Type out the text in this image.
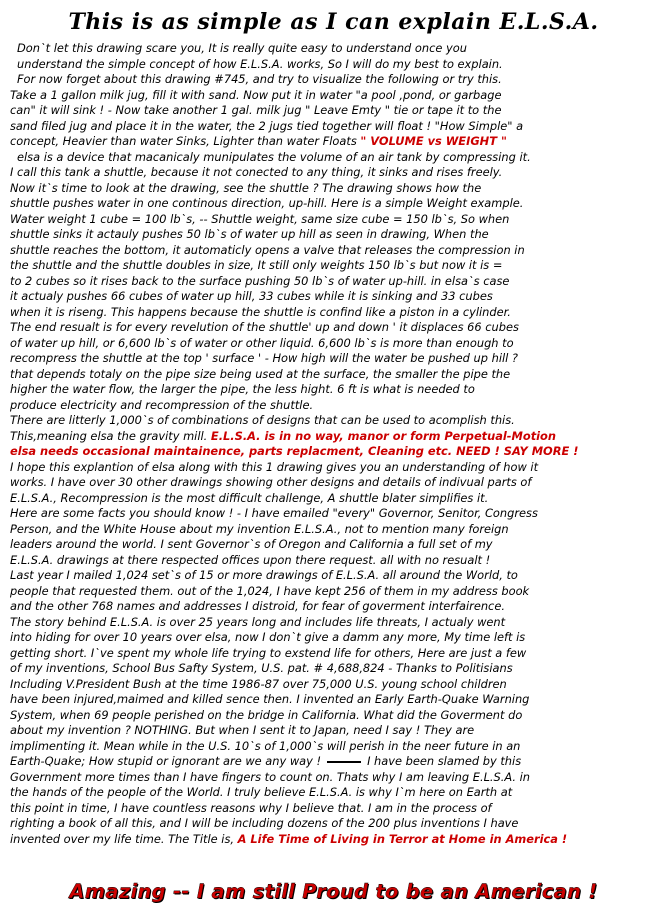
This is as simple as I can explain E.L.S.A.
Don`t let this drawing scare you, It is really quite easy to understand once you
understand the simple concept of how E.L.S.A. works, So I will do my best to explain.
For now forget about this drawing #745, and try to visualize the following or try this.
Take a 1 gallon milk jug, fill it with sand. Now put it in water "a pool ,pond, or garbage
can" it will sink ! - Now take another 1 gal. milk jug " Leave Emty " tie or tape it to the
sand filed jug and place it in the water, the 2 jugs tied together will float ! "How Simple" a
concept, Heavier than water Sinks, Lighter than water Floats " VOLUME vs WEIGHT "
elsa is a device that macanicaly munipulates the volume of an air tank by compressing it.
I call this tank a shuttle, because it not conected to any thing, it sinks and rises freely.
Now it`s time to look at the drawing, see the shuttle ? The drawing shows how the
shuttle pushes water in one continous direction, up-hill. Here is a simple Weight example.
Water weight 1 cube = 100 lb`s, -- Shuttle weight, same size cube = 150 lb`s, So when
shuttle sinks it actauly pushes 50 lb`s of water up hill as seen in drawing, When the
shuttle reaches the bottom, it automaticly opens a valve that releases the compression in
the shuttle and the shuttle doubles in size, It still only weights 150 lb`s but now it is =
to 2 cubes so it rises back to the surface pushing 50 lb`s of water up-hill. in elsa`s case
it actualy pushes 66 cubes of water up hill, 33 cubes while it is sinking and 33 cubes
when it is riseng. This happens because the shuttle is confind like a piston in a cylinder.
The end resualt is for every revelution of the shuttle' up and down ' it displaces 66 cubes
of water up hill, or 6,600 lb`s of water or other liquid. 6,600 lb`s is more than enough to
recompress the shuttle at the top ' surface ' - How high will the water be pushed up hill ?
that depends totaly on the pipe size being used at the surface, the smaller the pipe the
higher the water flow, the larger the pipe, the less hight. 6 ft is what is needed to
produce electricity and recompression of the shuttle.
There are litterly 1,000`s of combinations of designs that can be used to acomplish this.
This,meaning elsa the gravity mill. E.L.S.A. is in no way, manor or form Perpetual-Motion
elsa needs occasional maintainence, parts replacment, Cleaning etc. NEED ! SAY MORE !
I hope this explantion of elsa along with this 1 drawing gives you an understanding of how it
works. I have over 30 other drawings showing other designs and details of indivual parts of
E.L.S.A., Recompression is the most difficult challenge, A shuttle blater simplifies it.
Here are some facts you should know ! - I have emailed "every" Governor, Senitor, Congress
Person, and the White House about my invention E.L.S.A., not to mention many foreign
leaders around the world. I sent Governor`s of Oregon and California a full set of my
E.L.S.A. drawings at there respected offices upon there request. all with no resualt !
Last year I mailed 1,024 set`s of 15 or more drawings of E.L.S.A. all around the World, to
people that requested them. out of the 1,024, I have kept 256 of them in my address book
and the other 768 names and addresses I distroid, for fear of goverment interfairence.
The story behind E.L.S.A. is over 25 years long and includes life threats, I actualy went
into hiding for over 10 years over elsa, now I don`t give a damm any more, My time left is
getting short. I`ve spent my whole life trying to exstend life for others, Here are just a few
of my inventions, School Bus Safty System, U.S. pat. # 4,688,824 - Thanks to Politisians
Including V.President Bush at the time 1986-87 over 75,000 U.S. young school children
have been injured,maimed and killed sence then. I invented an Early Earth-Quake Warning
System, when 69 people perished on the bridge in California. What did the Goverment do
about my invention ? NOTHING. But when I sent it to Japan, need I say ! They are
implimenting it. Mean while in the U.S. 10`s of 1,000`s will perish in the neer future in an
Earth-Quake; How stupid or ignorant are we any way !	I have been slamed by this
Government more times than I have fingers to count on. Thats why I am leaving E.L.S.A. in
the hands of the people of the World. I truly believe E.L.S.A. is why I`m here on Earth at
this point in time, I have countless reasons why I believe that. I am in the process of
righting a book of all this, and I will be including dozens of the 200 plus inventions I have
invented over my life time. The Title is, A Life Time of Living in Terror at Home in America !
Amazing -- I am still Proud to be an American !
